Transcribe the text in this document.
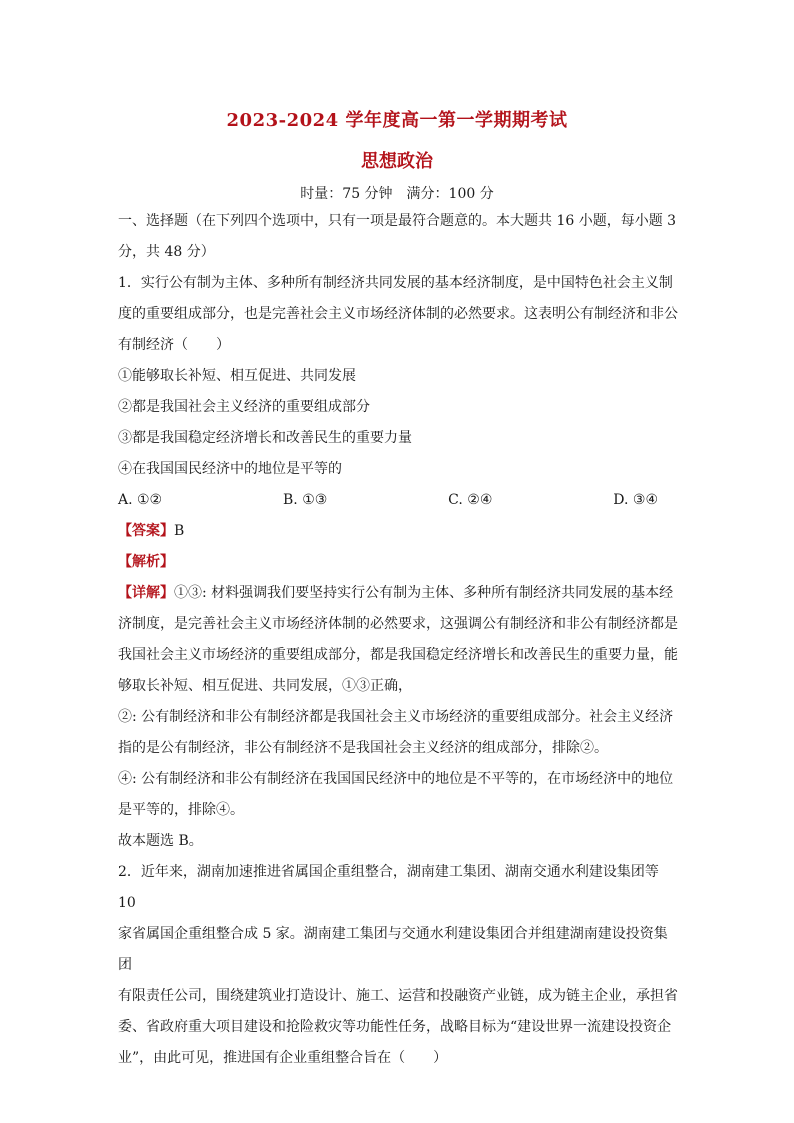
2023-2024 学年度高一第一学期期考试
思想政治
时量：75 分钟　满分：100 分

一、选择题（在下列四个选项中，只有一项是最符合题意的。本大题共 16 小题，每小题 3

分，共 48 分）

1．实行公有制为主体、多种所有制经济共同发展的基本经济制度，是中国特色社会主义制

度的重要组成部分，也是完善社会主义市场经济体制的必然要求。这表明公有制经济和非公

有制经济（　　）

①能够取长补短、相互促进、共同发展

②都是我国社会主义经济的重要组成部分

③都是我国稳定经济增长和改善民生的重要力量

④在我国国民经济中的地位是平等的

A. ①②	B. ①③	C. ②④	D. ③④

【答案】B

【解析】

【详解】①③: 材料强调我们要坚持实行公有制为主体、多种所有制经济共同发展的基本经

济制度，是完善社会主义市场经济体制的必然要求，这强调公有制经济和非公有制经济都是

我国社会主义市场经济的重要组成部分，都是我国稳定经济增长和改善民生的重要力量，能

够取长补短、相互促进、共同发展，①③正确，

②: 公有制经济和非公有制经济都是我国社会主义市场经济的重要组成部分。社会主义经济

指的是公有制经济，非公有制经济不是我国社会主义经济的组成部分，排除②。

④: 公有制经济和非公有制经济在我国国民经济中的地位是不平等的，在市场经济中的地位

是平等的，排除④。

故本题选 B。

2．近年来，湖南加速推进省属国企重组整合，湖南建工集团、湖南交通水利建设集团等 10

家省属国企重组整合成 5 家。湖南建工集团与交通水利建设集团合并组建湖南建设投资集团

有限责任公司，围绕建筑业打造设计、施工、运营和投融资产业链，成为链主企业，承担省

委、省政府重大项目建设和抢险救灾等功能性任务，战略目标为“建设世界一流建设投资企

业”，由此可见，推进国有企业重组整合旨在（　　）
